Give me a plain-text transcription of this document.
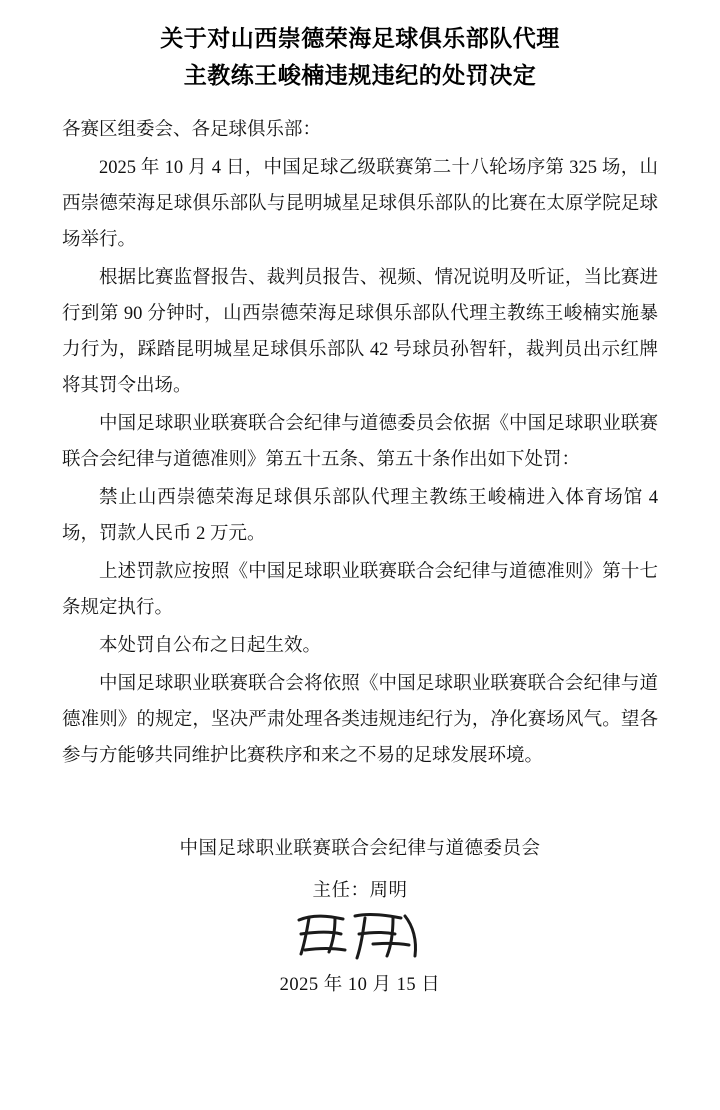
关于对山西崇德荣海足球俱乐部队代理
主教练王峻楠违规违纪的处罚决定

各赛区组委会、各足球俱乐部：

2025 年 10 月 4 日，中国足球乙级联赛第二十八轮场序第 325 场，山西崇德荣海足球俱乐部队与昆明城星足球俱乐部队的比赛在太原学院足球场举行。

根据比赛监督报告、裁判员报告、视频、情况说明及听证，当比赛进行到第 90 分钟时，山西崇德荣海足球俱乐部队代理主教练王峻楠实施暴力行为，踩踏昆明城星足球俱乐部队 42 号球员孙智轩，裁判员出示红牌将其罚令出场。

中国足球职业联赛联合会纪律与道德委员会依据《中国足球职业联赛联合会纪律与道德准则》第五十五条、第五十条作出如下处罚：

禁止山西崇德荣海足球俱乐部队代理主教练王峻楠进入体育场馆 4 场，罚款人民币 2 万元。

上述罚款应按照《中国足球职业联赛联合会纪律与道德准则》第十七条规定执行。

本处罚自公布之日起生效。

中国足球职业联赛联合会将依照《中国足球职业联赛联合会纪律与道德准则》的规定，坚决严肃处理各类违规违纪行为，净化赛场风气。望各参与方能够共同维护比赛秩序和来之不易的足球发展环境。

中国足球职业联赛联合会纪律与道德委员会
主任：周明
2025 年 10 月 15 日
